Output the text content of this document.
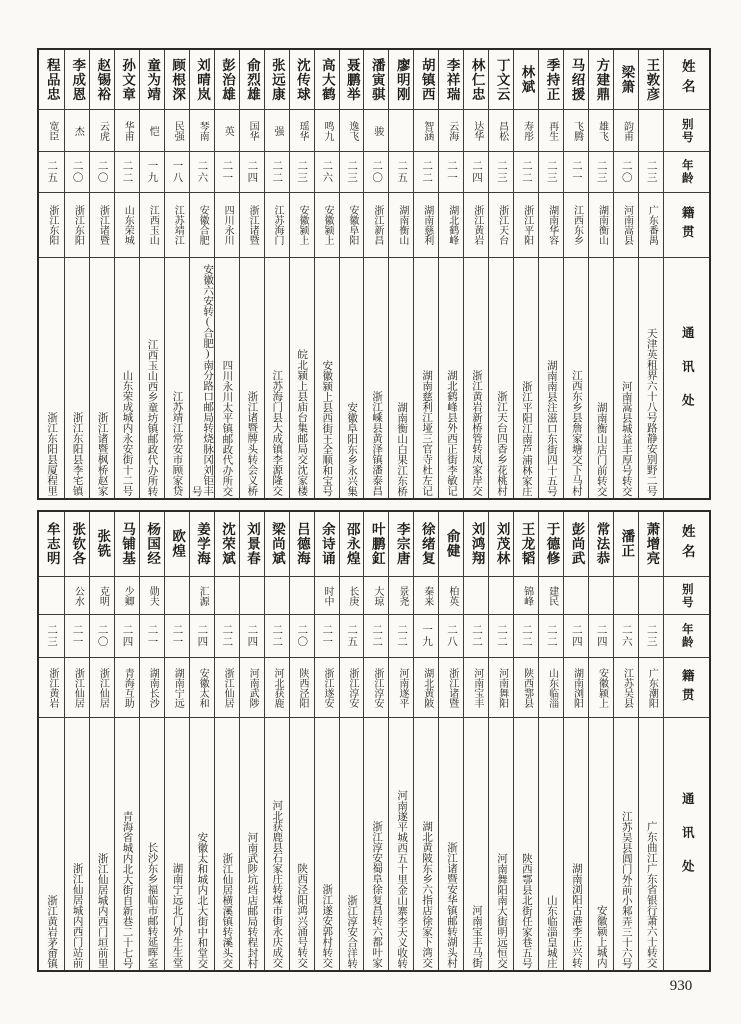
姓名
别号
年龄
籍贯
通讯处
王敦彦
二三
广东番禺
天津英租界六十八号路静安别野二号
梁箫
韵甫
二〇
河南嵩县
河南嵩县城益丰厚号转交
方建鼎
雄飞
二三
湖南衡山
湖南衡山店门前转交
马绍援
飞腾
二一
江西东乡
江西东乡县詹家塘交下马村
季持正
再生
二三
湖南华容
湖南南县注滋口东街四十五号
林斌
寿彤
二二
浙江平阳
浙江平阳江南芦浦林家庄
丁文云
昌松
二三
浙江天台
浙江天台四香乡花桃村
林仁忠
达华
二四
浙江黄岩
浙江黄岩新桥管转凤家岸交
李祥瑞
云海
二一
湖北鹤峰
湖北鹤峰县外西正街李敏记
胡镇西
智涵
二二
湖南慈利
湖南慈利江垭三官寺杜左记
廖明刚
二五
湖南衡山
湖南衡山白果江东桥
潘寅骐
骏
二〇
浙江新昌
浙江嵊县黄泽镇潘泰昌
聂鹏举
逸飞
二三
安徽阜阳
安徽阜阳东乡永兴集
高大鹤
鸣九
二六
安徽颍上
安徽颍上县西街王全顺和宝号
沈传球
瑶华
二三
安徽颍上
皖北颍上县庙台集邮局交沈家楼
张远康
强
二二
江苏海门
江苏海门县大成镇李源隆交
俞烈雄
国华
二四
浙江诸暨
浙江诸暨牌头转会义桥
彭治雄
英
二一
四川永川
四川永川太平镇邮政代办所交
刘晴岚
琴南
二六
安徽合肥
安徽六安转(合肥)南分路口邮局转烧脉冈刘钜丰号
顾根深
民强
一八
江苏靖江
江苏靖江常安市顾家贷
童为靖
恺
一九
江西玉山
江西玉山西乡童坊镇邮政代办所转
孙文章
华甫
二二
山东荣城
山东荣成城内永安街十二号
赵锡裕
云虎
二〇
浙江诸暨
浙江诸暨枫桥赵家
李成恩
杰
二〇
浙江东阳
浙江东阳县李宅镇
程品忠
宽臣
二五
浙江东阳
浙江东阳县厦程里
姓名
别号
年龄
籍贯
通讯处
萧增亮
二三
广东潮阳
广东曲江广东省银行萧六士转交
潘正
二六
江苏吴县
江苏吴县阊门外前小邾弄三十六号
常法恭
二四
安徽颍上
安徽颍上城内
彭尚武
二四
湖南浏阳
湖南浏阳古港李正兴转
于德修
建民
二二
山东临淄
山东临淄皇城庄
王龙韬
锦峰
二二
陕西鄠县
陕西鄠县北街任家巷五号
刘茂林
二二
河南舞阳
河南舞阳南大街明远恒交
刘鸿翔
二二
河南宝丰
河南宝丰马街
俞健
柏英
二八
浙江诸暨
浙江诸暨安华镇邮转湖头村
徐绪复
秦来
一九
湖北黄陂
湖北黄陂东乡六指店徐家下湾交
李宗唐
景尧
二二
河南遂平
河南遂平城西五十里金山寨李天义收转
叶鹏釭
大琼
二二
浙江淳安
浙江淳安蜀阜徐复昌转六都叶家
邵永煌
长庚
二五
浙江淳安
浙江淳安合洋转
余诗诵
时中
二一
浙江遂安
浙江遂安郭村转交
吕德海
二〇
陕西泾阳
陕西泾阳鸿兴涌号转交
梁尚斌
二二
河北获鹿
河北获鹿县石家庄转煤市街永庆成交
刘景春
二四
河南武陟
河南武陟坑垱店邮局转程封村
沈荣斌
二二
浙江仙居
浙江仙居横溪镇转溪头交
姜学海
汇源
二四
安徽太和
安徽太和城内北大街中和堂交
欧煌
二一
湖南宁远
湖南宁远北门外生生堂
杨国经
勋夫
二一
湖南长沙
长沙东乡福临市邮转延晖室
马铺基
少卿
二四
青海互助
青海省城内北大街自新巷二十七号
张铣
克明
二〇
浙江仙居
浙江仙居城内西门垣前里
张钦各
公水
二一
浙江仙居
浙江仙居城内西门站前
牟志明
二三
浙江黄岩
浙江黄岩茅畲镇
930
